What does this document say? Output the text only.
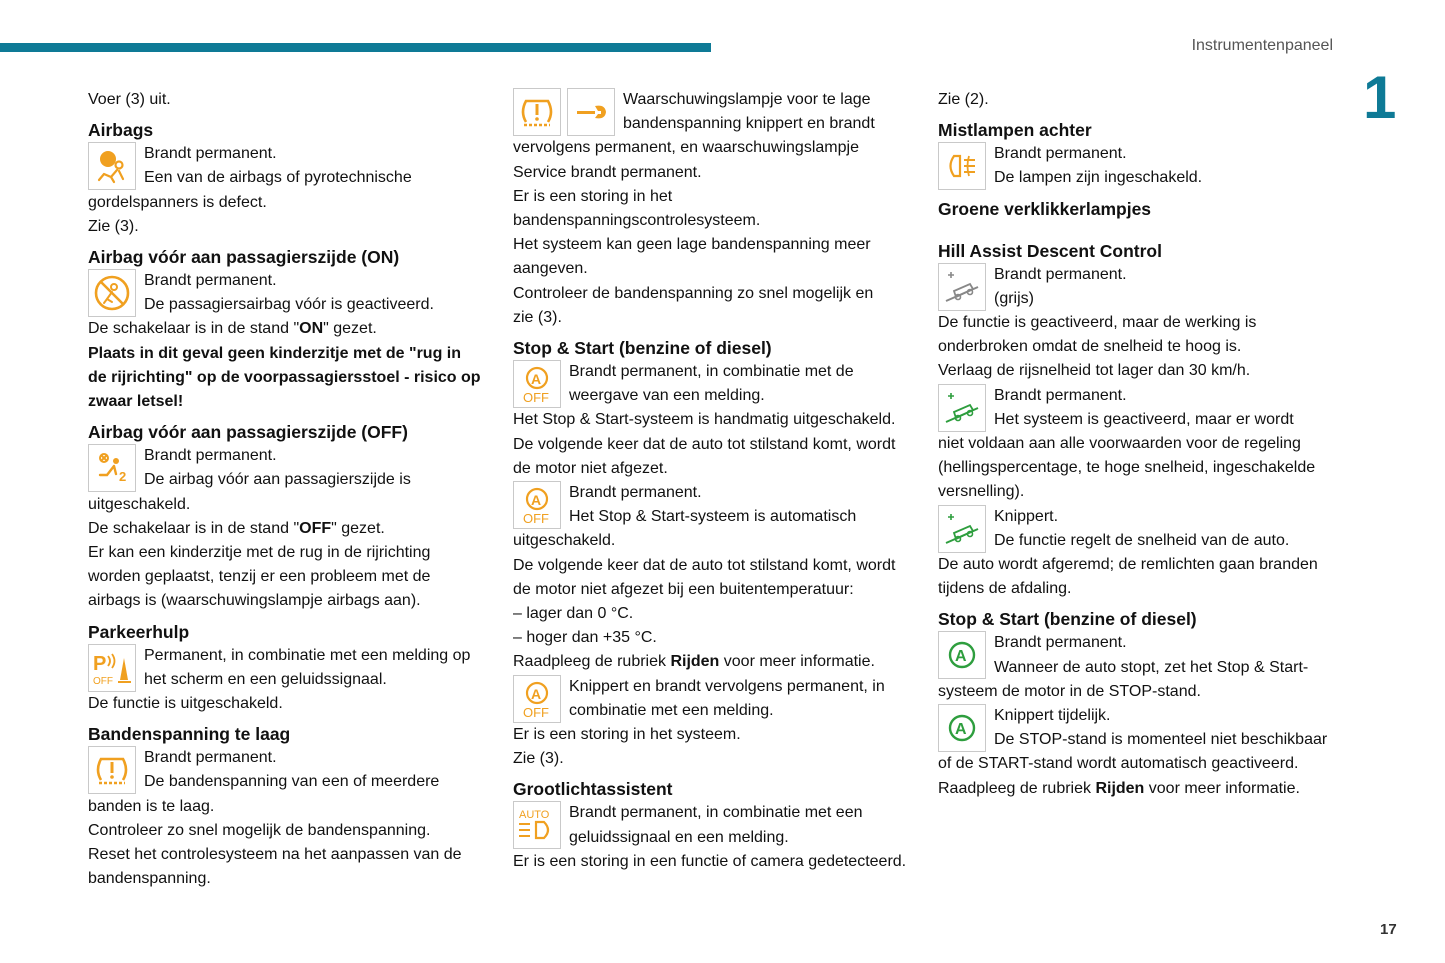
Instrumentenpaneel
1
17

Voer (3) uit.

Airbags

Brandt permanent.

Een van de airbags of pyrotechnische

gordelspanners is defect.

Zie (3).

Airbag vóór aan passagierszijde (ON)

Brandt permanent.

De passagiersairbag vóór is geactiveerd.

De schakelaar is in de stand "ON" gezet.

Plaats in dit geval geen kinderzitje met de "rug in

de rijrichting" op de voorpassagiersstoel - risico op

zwaar letsel!

Airbag vóór aan passagierszijde (OFF)

2

Brandt permanent.

De airbag vóór aan passagierszijde is

uitgeschakeld.

De schakelaar is in de stand "OFF" gezet.

Er kan een kinderzitje met de rug in de rijrichting

worden geplaatst, tenzij er een probleem met de

airbags is (waarschuwingslampje airbags aan).

Parkeerhulp

P
OFF

Permanent, in combinatie met een melding op

het scherm en een geluidssignaal.

De functie is uitgeschakeld.

Bandenspanning te laag

Brandt permanent.

De bandenspanning van een of meerdere

banden is te laag.

Controleer zo snel mogelijk de bandenspanning.

Reset het controlesysteem na het aanpassen van de

bandenspanning.

Waarschuwingslampje voor te lage

bandenspanning knippert en brandt

vervolgens permanent, en waarschuwingslampje

Service brandt permanent.

Er is een storing in het

bandenspanningscontrolesysteem.

Het systeem kan geen lage bandenspanning meer

aangeven.

Controleer de bandenspanning zo snel mogelijk en

zie (3).

Stop & Start (benzine of diesel)

A
OFF

Brandt permanent, in combinatie met de

weergave van een melding.

Het Stop & Start-systeem is handmatig uitgeschakeld.

De volgende keer dat de auto tot stilstand komt, wordt

de motor niet afgezet.

A
OFF

Brandt permanent.

Het Stop & Start-systeem is automatisch

uitgeschakeld.

De volgende keer dat de auto tot stilstand komt, wordt

de motor niet afgezet bij een buitentemperatuur:

– lager dan 0 °C.

– hoger dan +35 °C.

Raadpleeg de rubriek Rijden voor meer informatie.

A
OFF

Knippert en brandt vervolgens permanent, in

combinatie met een melding.

Er is een storing in het systeem.

Zie (3).

Grootlichtassistent

AUTO	Brandt permanent, in combinatie met een

geluidssignaal en een melding.

Er is een storing in een functie of camera gedetecteerd.

Zie (2).

Mistlampen achter

Brandt permanent.

De lampen zijn ingeschakeld.

Groene verklikkerlampjes

Hill Assist Descent Control

Brandt permanent.

(grijs)

De functie is geactiveerd, maar de werking is

onderbroken omdat de snelheid te hoog is.

Verlaag de rijsnelheid tot lager dan 30 km/h.

Brandt permanent.

Het systeem is geactiveerd, maar er wordt

niet voldaan aan alle voorwaarden voor de regeling

(hellingspercentage, te hoge snelheid, ingeschakelde

versnelling).

Knippert.

De functie regelt de snelheid van de auto.

De auto wordt afgeremd; de remlichten gaan branden

tijdens de afdaling.

Stop & Start (benzine of diesel)

A

Brandt permanent.

Wanneer de auto stopt, zet het Stop & Start-

systeem de motor in de STOP-stand.

A

Knippert tijdelijk.

De STOP-stand is momenteel niet beschikbaar

of de START-stand wordt automatisch geactiveerd.

Raadpleeg de rubriek Rijden voor meer informatie.
